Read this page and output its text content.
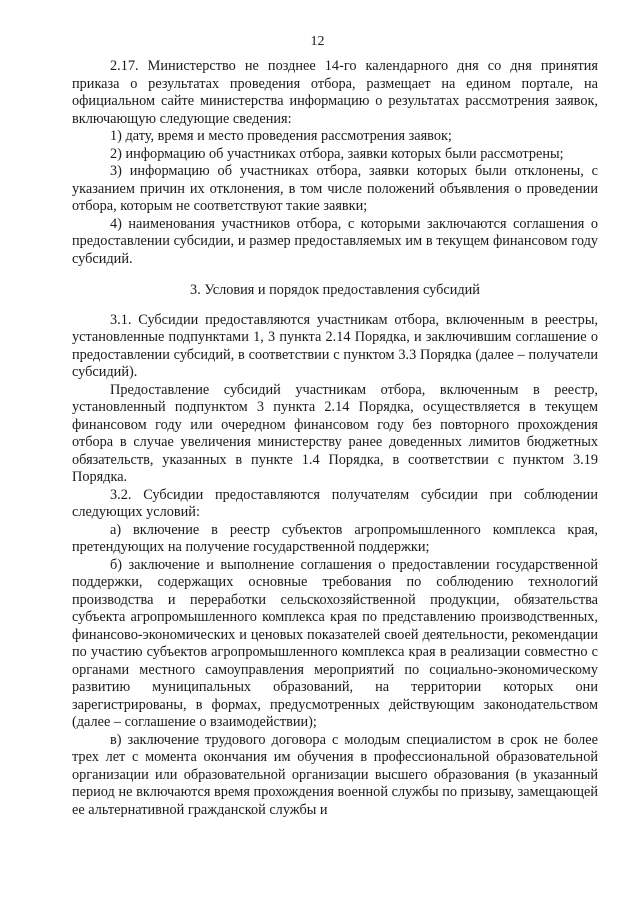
12

2.17. Министерство не позднее 14-го календарного дня со дня принятия приказа о результатах проведения отбора, размещает на едином портале, на официальном сайте министерства информацию о результатах рассмотрения заявок, включающую следующие сведения:

1) дату, время и место проведения рассмотрения заявок;

2) информацию об участниках отбора, заявки которых были рассмотрены;

3) информацию об участниках отбора, заявки которых были отклонены, с указанием причин их отклонения, в том числе положений объявления о проведении отбора, которым не соответствуют такие заявки;

4) наименования участников отбора, с которыми заключаются соглашения о предоставлении субсидии, и размер предоставляемых им в текущем финансовом году субсидий.

3. Условия и порядок предоставления субсидий

3.1. Субсидии предоставляются участникам отбора, включенным в реестры, установленные подпунктами 1, 3 пункта 2.14 Порядка, и заключившим соглашение о предоставлении субсидий, в соответствии с пунктом 3.3 Порядка (далее – получатели субсидий).

Предоставление субсидий участникам отбора, включенным в реестр, установленный подпунктом 3 пункта 2.14 Порядка, осуществляется в текущем финансовом году или очередном финансовом году без повторного прохождения отбора в случае увеличения министерству ранее доведенных лимитов бюджетных обязательств, указанных в пункте 1.4 Порядка, в соответствии с пунктом 3.19 Порядка.

3.2. Субсидии предоставляются получателям субсидии при соблюдении следующих условий:

а) включение в реестр субъектов агропромышленного комплекса края, претендующих на получение государственной поддержки;

б) заключение и выполнение соглашения о предоставлении государственной поддержки, содержащих основные требования по соблюдению технологий производства и переработки сельскохозяйственной продукции, обязательства субъекта агропромышленного комплекса края по представлению производственных, финансово-экономических и ценовых показателей своей деятельности, рекомендации по участию субъектов агропромышленного комплекса края в реализации совместно с органами местного самоуправления мероприятий по социально-экономическому развитию муниципальных образований, на территории которых они зарегистрированы, в формах, предусмотренных действующим законодательством (далее – соглашение о взаимодействии);

в) заключение трудового договора с молодым специалистом в срок не более трех лет с момента окончания им обучения в профессиональной образовательной организации или образовательной организации высшего образования (в указанный период не включаются время прохождения военной службы по призыву, замещающей ее альтернативной гражданской службы и
